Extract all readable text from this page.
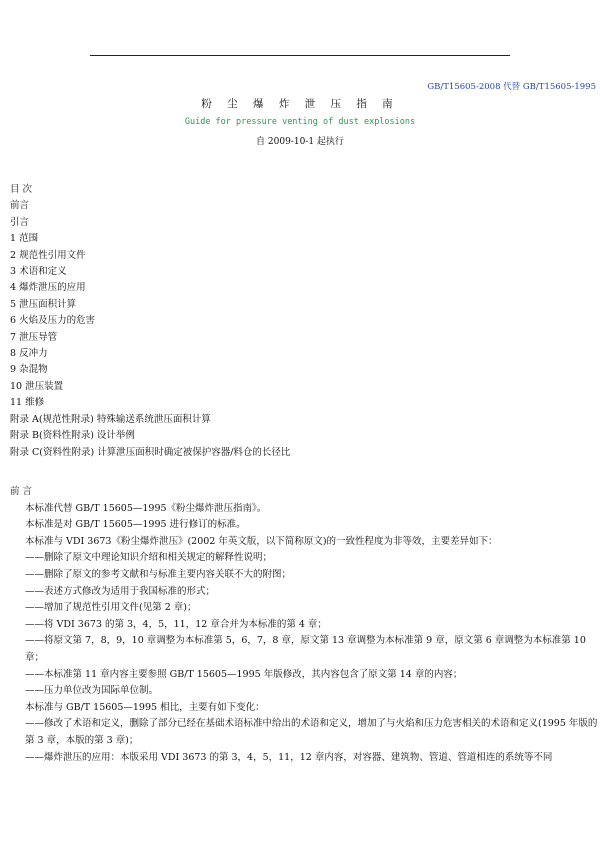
GB/T15605-2008 代替 GB/T15605-1995
粉 尘 爆 炸 泄 压 指 南
Guide for pressure venting of dust explosions
自 2009-10-1 起执行
目 次
前言
引言
1 范围
2 规范性引用文件
3 术语和定义
4 爆炸泄压的应用
5 泄压面积计算
6 火焰及压力的危害
7 泄压导管
8 反冲力
9 杂混物
10 泄压装置
11 维修
附录 A(规范性附录) 特殊输送系统泄压面积计算
附录 B(资料性附录) 设计举例
附录 C(资料性附录) 计算泄压面积时确定被保护容器/料仓的长径比
前 言
本标准代替 GB/T 15605—1995《粉尘爆炸泄压指南》。
本标准是对 GB/T 15605—1995 进行修订的标准。
本标准与 VDI 3673《粉尘爆炸泄压》(2002 年英文版，以下简称原文)的一致性程度为非等效，主要差异如下：
——删除了原文中理论知识介绍和相关规定的解释性说明；
——删除了原文的参考文献和与标准主要内容关联不大的附图；
——表述方式修改为适用于我国标准的形式；
——增加了规范性引用文件(见第 2 章)；
——将 VDI 3673 的第 3，4，5，11，12 章合并为本标准的第 4 章；
——将原文第 7，8，9，10 章调整为本标准第 5，6，7，8 章，原文第 13 章调整为本标准第 9 章，原文第 6 章调整为本标准第 10 章；
——本标准第 11 章内容主要参照 GB/T 15605—1995 年版修改，其内容包含了原文第 14 章的内容；
——压力单位改为国际单位制。
本标准与 GB/T 15605—1995 相比，主要有如下变化：
——修改了术语和定义，删除了部分已经在基础术语标准中给出的术语和定义，增加了与火焰和压力危害相关的术语和定义(1995 年版的第 3 章，本版的第 3 章)；
——爆炸泄压的应用：本版采用 VDI 3673 的第 3，4，5，11，12 章内容，对容器、建筑物、管道、管道相连的系统等不同
